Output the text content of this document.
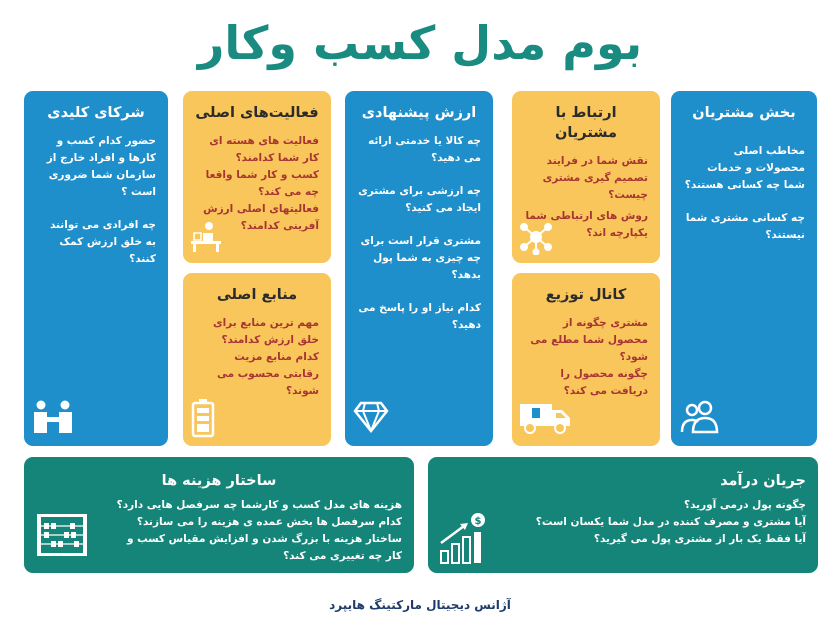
بوم مدل کسب وکار
بخش مشتریان

مخاطب اصلی محصولات و خدمات شما چه کسانی هستند؟

چه کسانی مشتری شما نیستند؟

ارتباط با مشتریان

نقش شما در فرایند تصمیم گیری مشتری چیست؟

روش های ارتباطی شما یکپارچه اند؟

کانال توزیع

مشتری چگونه از محصول شما مطلع می شود؟

چگونه محصول را دریافت می کند؟

ارزش پیشنهادی

چه کالا یا خدمتی ارائه می دهید؟

چه ارزشی برای مشتری ایجاد می کنید؟

مشتری قرار است برای چه چیزی به شما پول بدهد؟

کدام نیاز او را پاسخ می دهید؟

فعالیت‌های اصلی

فعالیت های هسته ای کار شما کدامند؟

کسب و کار شما واقعا چه می کند؟

فعالیتهای اصلی ارزش آفرینی کدامند؟

منابع اصلی

مهم ترین منابع برای خلق ارزش کدامند؟

کدام منابع مزیت رقابتی محسوب می شوند؟

شرکای کلیدی

حضور کدام کسب و کارها و افراد خارج از سازمان شما ضروری است ؟

چه افرادی می توانند به خلق ارزش کمک کنند؟

ساختار هزینه ها

هزینه های مدل کسب و کارشما چه سرفصل هایی دارد؟

کدام سرفصل ها بخش عمده ی هزینه را می سازند؟

ساختار هزینه با بزرگ شدن و افزایش مقیاس کسب و کار چه تغییری می کند؟

جریان درآمد

چگونه پول درمی آورید؟

آیا مشتری و مصرف کننده در مدل شما یکسان است؟

آیا فقط یک بار از مشتری پول می گیرید؟

$
آژانس دیجیتال مارکتینگ هایپرد
